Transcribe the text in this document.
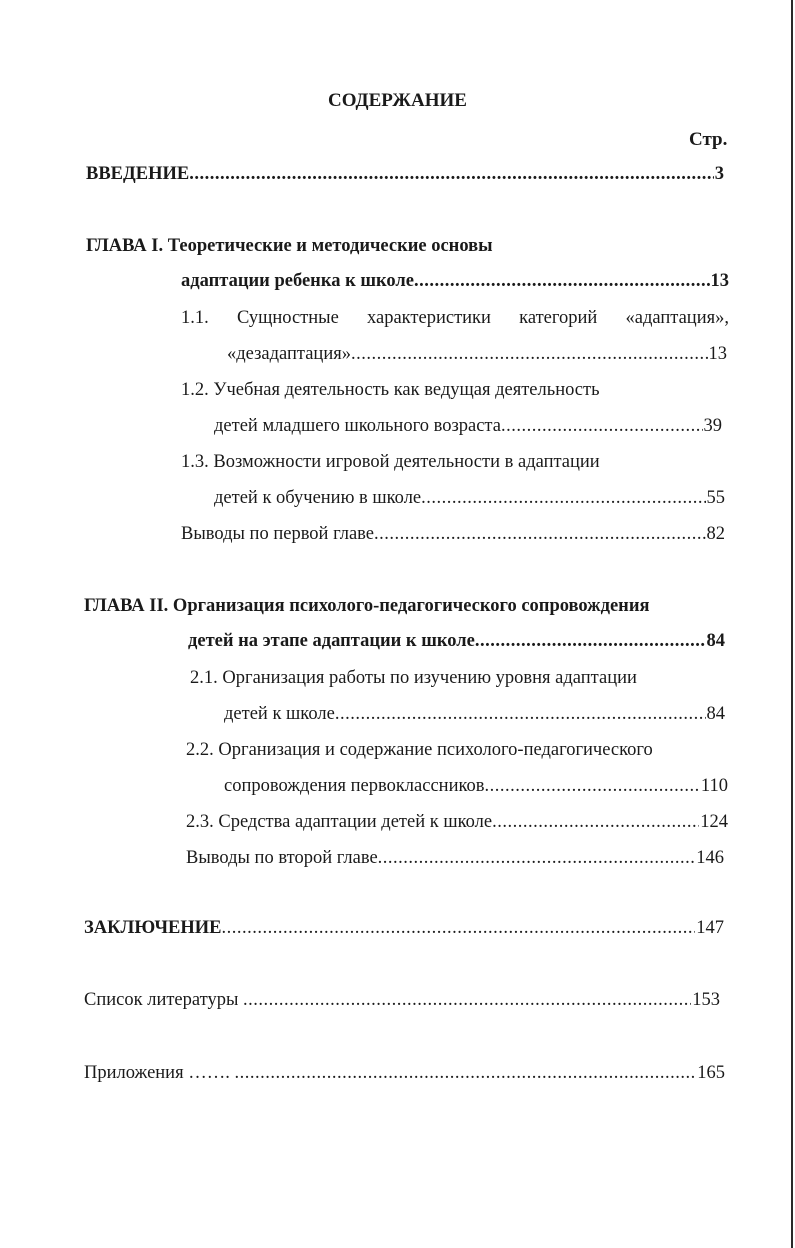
СОДЕРЖАНИЕ
Стр.
ВВЕДЕНИЕ .....	3
ГЛАВА I. Теоретические и методические основы
адаптации ребенка к школе .....	13
1.1. Сущностные характеристики категорий «адаптация»,
«дезадаптация» .....	13
1.2. Учебная деятельность как ведущая деятельность
детей младшего школьного возраста .....	39
1.3. Возможности игровой деятельности в адаптации
детей к обучению в школе .....	55
Выводы по первой главе .....	82
ГЛАВА II. Организация психолого-педагогического сопровождения
детей на этапе адаптации к школе .....	84
2.1. Организация работы по изучению уровня адаптации
детей к школе .....	84
2.2. Организация и содержание психолого-педагогического
сопровождения первоклассников .....	110
2.3. Средства адаптации детей к школе .....	124
Выводы по второй главе .....	146
ЗАКЛЮЧЕНИЕ .....	147
Список литературы .....	153
Приложения ……. .....	165
